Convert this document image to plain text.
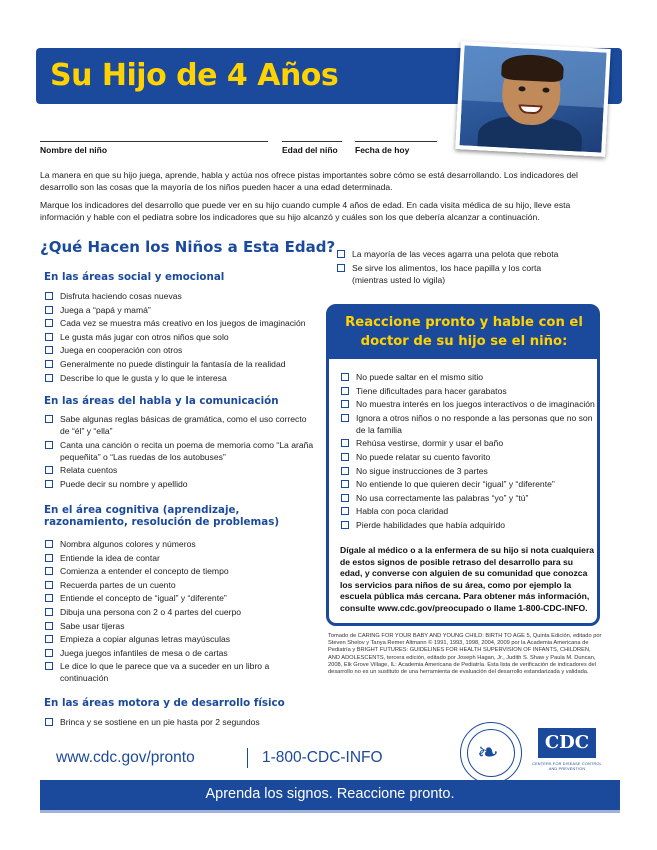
Su Hijo de 4 Años
Nombre del niño	Edad del niño Fecha de hoy
La manera en que su hijo juega, aprende, habla y actúa nos ofrece pistas importantes sobre cómo se está desarrollando. Los indicadores del desarrollo son las cosas que la mayoría de los niños pueden hacer a una edad determinada.
Marque los indicadores del desarrollo que puede ver en su hijo cuando cumple 4 años de edad. En cada visita médica de su hijo, lleve esta información y hable con el pediatra sobre los indicadores que su hijo alcanzó y cuáles son los que debería alcanzar a continuación.
¿Qué Hacen los Niños a Esta Edad?
En las áreas social y emocional
Disfruta haciendo cosas nuevas
Juega a “papá y mamá”
Cada vez se muestra más creativo en los juegos de imaginación
Le gusta más jugar con otros niños que solo
Juega en cooperación con otros
Generalmente no puede distinguir la fantasía de la realidad
Describe lo que le gusta y lo que le interesa
En las áreas del habla y la comunicación
Sabe algunas reglas básicas de gramática, como el uso correcto de “él” y “ella”
Canta una canción o recita un poema de memoria como “La araña pequeñita” o “Las ruedas de los autobuses”
Relata cuentos
Puede decir su nombre y apellido
En el área cognitiva (aprendizaje, razonamiento, resolución de problemas)
Nombra algunos colores y números
Entiende la idea de contar
Comienza a entender el concepto de tiempo
Recuerda partes de un cuento
Entiende el concepto de “igual” y “diferente”
Dibuja una persona con 2 o 4 partes del cuerpo
Sabe usar tijeras
Empieza a copiar algunas letras mayúsculas
Juega juegos infantiles de mesa o de cartas
Le dice lo que le parece que va a suceder en un libro a continuación
En las áreas motora y de desarrollo físico
Brinca y se sostiene en un pie hasta por 2 segundos
La mayoría de las veces agarra una pelota que rebota
Se sirve los alimentos, los hace papilla y los corta (mientras usted lo vigila)
Reaccione pronto y hable con el doctor de su hijo se el niño:
No puede saltar en el mismo sitio
Tiene dificultades para hacer garabatos
No muestra interés en los juegos interactivos o de imaginación
Ignora a otros niños o no responde a las personas que no son de la familia
Rehúsa vestirse, dormir y usar el baño
No puede relatar su cuento favorito
No sigue instrucciones de 3 partes
No entiende lo que quieren decir “igual” y “diferente”
No usa correctamente las palabras “yo” y “tú”
Habla con poca claridad
Pierde habilidades que había adquirido
Dígale al médico o a la enfermera de su hijo si nota cualquiera de estos signos de posible retraso del desarrollo para su edad, y converse con alguien de su comunidad que conozca los servicios para niños de su área, como por ejemplo la escuela pública más cercana. Para obtener más información, consulte www.cdc.gov/preocupado o llame 1-800-CDC-INFO.
Tomado de CARING FOR YOUR BABY AND YOUNG CHILD: BIRTH TO AGE 5, Quinta Edición, editado por Steven Shelov y Tanya Remer Altmann © 1991, 1993, 1998, 2004, 2009 por la Academia Americana de Pediatría y BRIGHT FUTURES: GUIDELINES FOR HEALTH SUPERVISION OF INFANTS, CHILDREN, AND ADOLESCENTS, tercera edición, editado por Joseph Hagan, Jr., Judith S. Shaw y Paula M. Duncan, 2008, Elk Grove Village, IL: Academia Americana de Pediatría. Esta lista de verificación de indicadores del desarrollo no es un sustituto de una herramienta de evaluación del desarrollo estandarizada y validada.
www.cdc.gov/pronto	1-800-CDC-INFO	❧	CDC
CENTERS FOR DISEASE CONTROL AND PREVENTION
Aprenda los signos. Reaccione pronto.
